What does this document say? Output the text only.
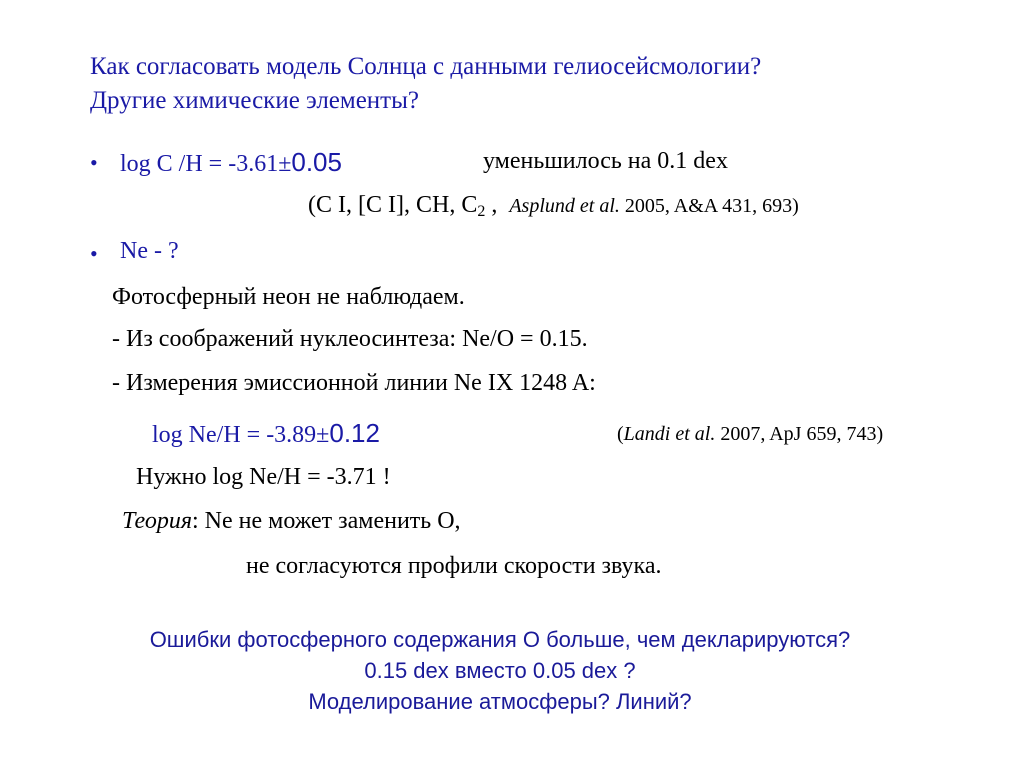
Как согласовать модель Солнца с данными гелиосейсмологии?
Другие химические элементы?
• log C /H = -3.61±0.05	уменьшилось на 0.1 dex
(C I, [C I], CH, $C_2$ , Asplund et al. 2005, A&A 431, 693)
• Ne - ?
Фотосферный неон не наблюдаем.
- Из соображений нуклеосинтеза: Ne/O = 0.15.
- Измерения эмиссионной линии Ne IX 1248 A:
log Ne/H = -3.89±0.12	(Landi et al. 2007, ApJ 659, 743)
Нужно log Ne/H = -3.71 !
Теория: Ne не может заменить O,
не согласуются профили скорости звука.
Ошибки фотосферного содержания О больше, чем декларируются?
0.15 dex вместо 0.05 dex ?
Моделирование атмосферы? Линий?
